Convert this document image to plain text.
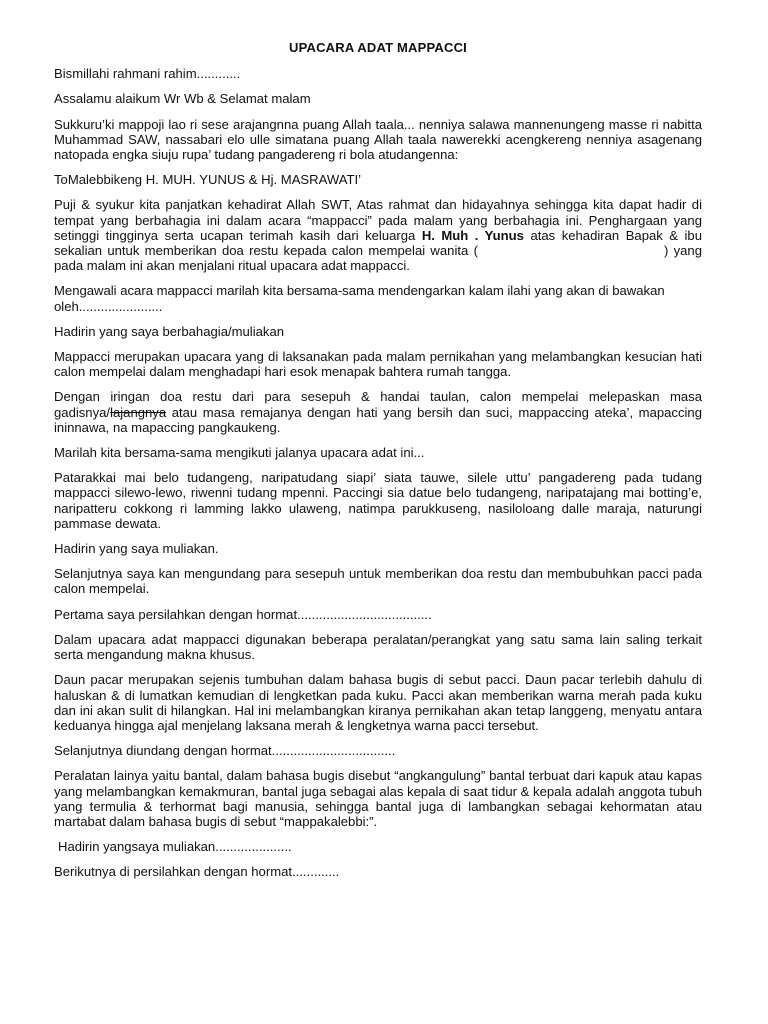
UPACARA ADAT MAPPACCI
Bismillahi rahmani rahim............
Assalamu alaikum Wr Wb & Selamat malam
Sukkuru’ki mappoji lao ri sese arajangnna puang Allah taala... nenniya salawa mannenungeng masse ri nabitta Muhammad SAW, nassabari elo ulle simatana puang Allah taala nawerekki acengkereng nenniya asagenang natopada engka siuju rupa’ tudang pangadereng ri bola atudangenna:
ToMalebbikeng H. MUH. YUNUS & Hj. MASRAWATI’
Puji & syukur kita panjatkan kehadirat Allah SWT, Atas rahmat dan hidayahnya sehingga kita dapat hadir di tempat yang berbahagia ini dalam acara “mappacci” pada malam yang berbahagia ini. Penghargaan yang setinggi tingginya serta ucapan terimah kasih dari keluarga H. Muh . Yunus atas kehadiran Bapak & ibu sekalian untuk memberikan doa restu kepada calon mempelai wanita (	) yang pada malam ini akan menjalani ritual upacara adat mappacci.
Mengawali acara mappacci marilah kita bersama-sama mendengarkan kalam ilahi yang akan di bawakan oleh.......................
Hadirin yang saya berbahagia/muliakan
Mappacci merupakan upacara yang di laksanakan pada malam pernikahan yang melambangkan kesucian hati calon mempelai dalam menghadapi hari esok menapak bahtera rumah tangga.
Dengan iringan doa restu dari para sesepuh & handai taulan, calon mempelai melepaskan masa gadisnya/lajangnya atau masa remajanya dengan hati yang bersih dan suci, mappaccing ateka’, mapaccing ininnawa, na mapaccing pangkaukeng.
Marilah kita bersama-sama mengikuti jalanya upacara adat ini...
Patarakkai mai belo tudangeng, naripatudang siapi’ siata tauwe, silele uttu’ pangadereng pada tudang mappacci silewo-lewo, riwenni tudang mpenni. Paccingi sia datue belo tudangeng, naripatajang mai botting’e, naripatteru cokkong ri lamming lakko ulaweng, natimpa parukkuseng, nasiloloang dalle maraja, naturungi pammase dewata.
Hadirin yang saya muliakan.
Selanjutnya saya kan mengundang para sesepuh untuk memberikan doa restu dan membubuhkan pacci pada calon mempelai.
Pertama saya persilahkan dengan hormat.....................................
Dalam upacara adat mappacci digunakan beberapa peralatan/perangkat yang satu sama lain saling terkait serta mengandung makna khusus.
Daun pacar merupakan sejenis tumbuhan dalam bahasa bugis di sebut pacci. Daun pacar terlebih dahulu di haluskan & di lumatkan kemudian di lengketkan pada kuku. Pacci akan memberikan warna merah pada kuku dan ini akan sulit di hilangkan. Hal ini melambangkan kiranya pernikahan akan tetap langgeng, menyatu antara keduanya hingga ajal menjelang laksana merah & lengketnya warna pacci tersebut.
Selanjutnya diundang dengan hormat..................................
Peralatan lainya yaitu bantal, dalam bahasa bugis disebut “angkangulung” bantal terbuat dari kapuk atau kapas yang melambangkan kemakmuran, bantal juga sebagai alas kepala di saat tidur & kepala adalah anggota tubuh yang termulia & terhormat bagi manusia, sehingga bantal juga di lambangkan sebagai kehormatan atau martabat dalam bahasa bugis di sebut “mappakalebbi:”.
Hadirin yangsaya muliakan.....................
Berikutnya di persilahkan dengan hormat.............
